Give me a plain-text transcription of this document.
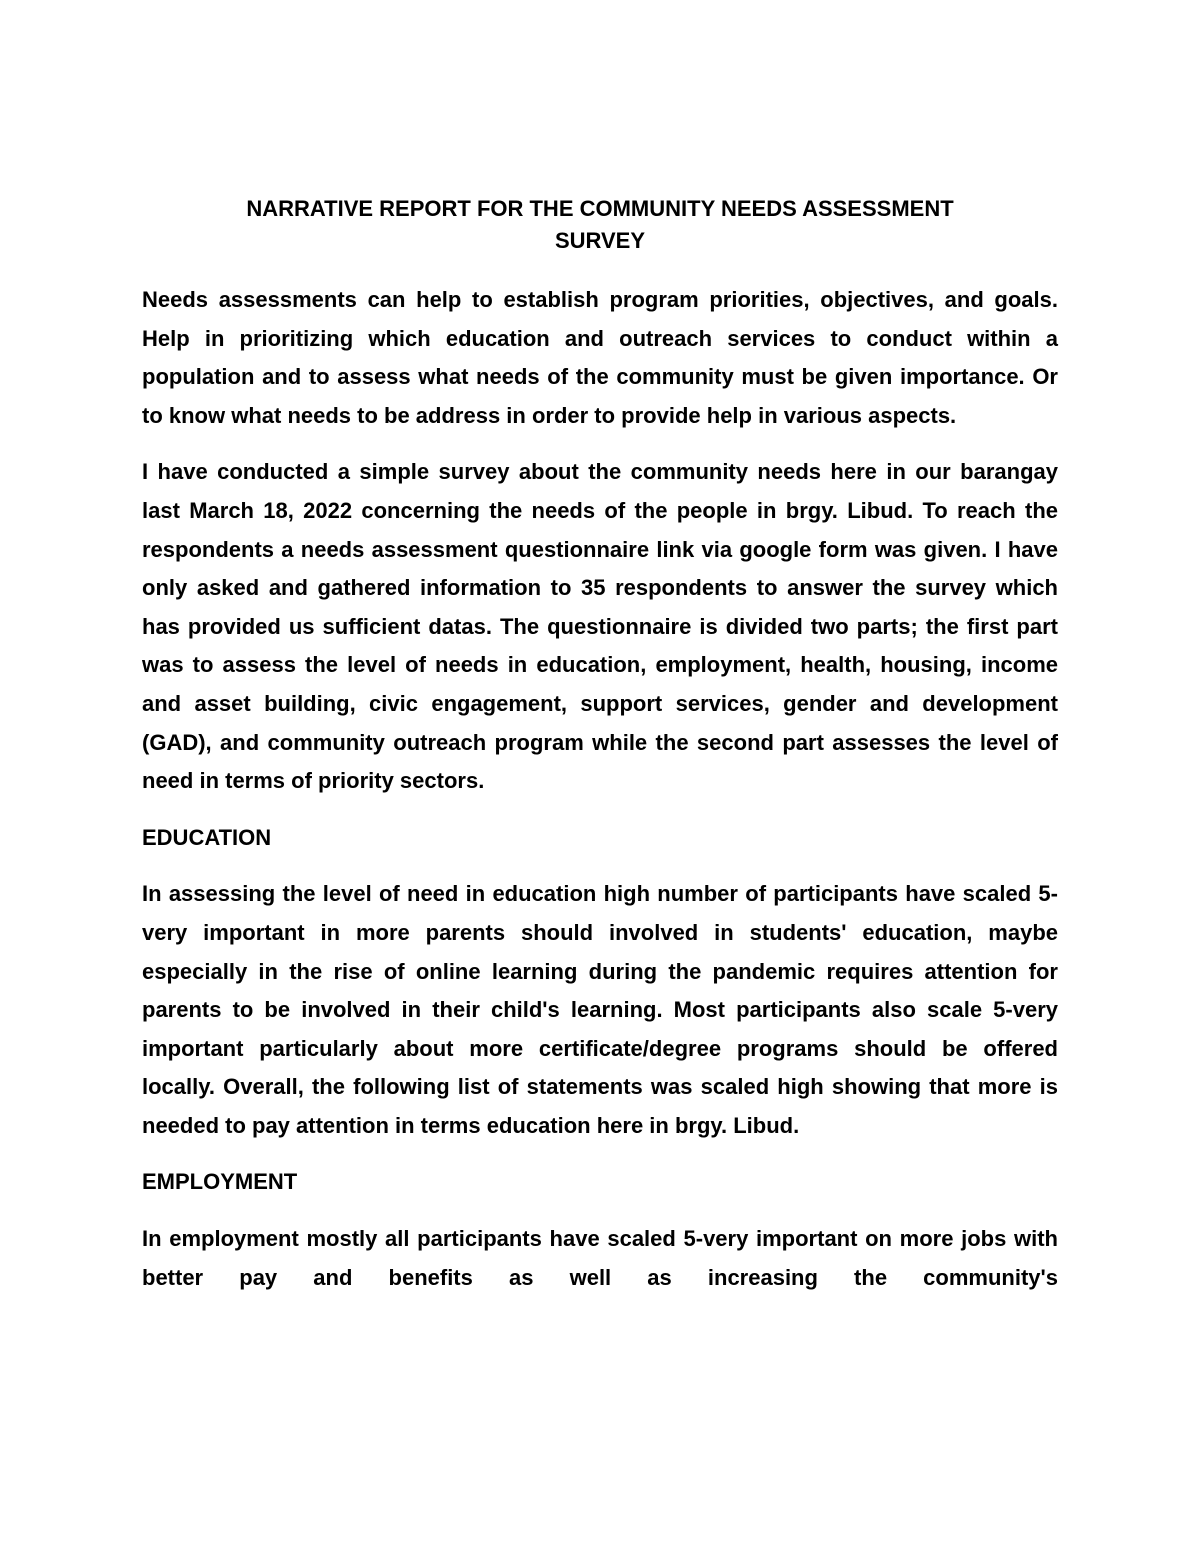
NARRATIVE REPORT FOR THE COMMUNITY NEEDS ASSESSMENT
SURVEY

Needs assessments can help to establish program priorities, objectives, and goals. Help in prioritizing which education and outreach services to conduct within a population and to assess what needs of the community must be given importance. Or to know what needs to be address in order to provide help in various aspects.

I have conducted a simple survey about the community needs here in our barangay last March 18, 2022 concerning the needs of the people in brgy. Libud. To reach the respondents a needs assessment questionnaire link via google form was given. I have only asked and gathered information to 35 respondents to answer the survey which has provided us sufficient datas. The questionnaire is divided two parts; the first part was to assess the level of needs in education, employment, health, housing, income and asset building, civic engagement, support services, gender and development (GAD), and community outreach program while the second part assesses the level of need in terms of priority sectors.

EDUCATION

In assessing the level of need in education high number of participants have scaled 5-very important in more parents should involved in students' education, maybe especially in the rise of online learning during the pandemic requires attention for parents to be involved in their child's learning. Most participants also scale 5-very important particularly about more certificate/degree programs should be offered locally. Overall, the following list of statements was scaled high showing that more is needed to pay attention in terms education here in brgy. Libud.

EMPLOYMENT

In employment mostly all participants have scaled 5-very important on more jobs with better pay and benefits as well as increasing the community's
